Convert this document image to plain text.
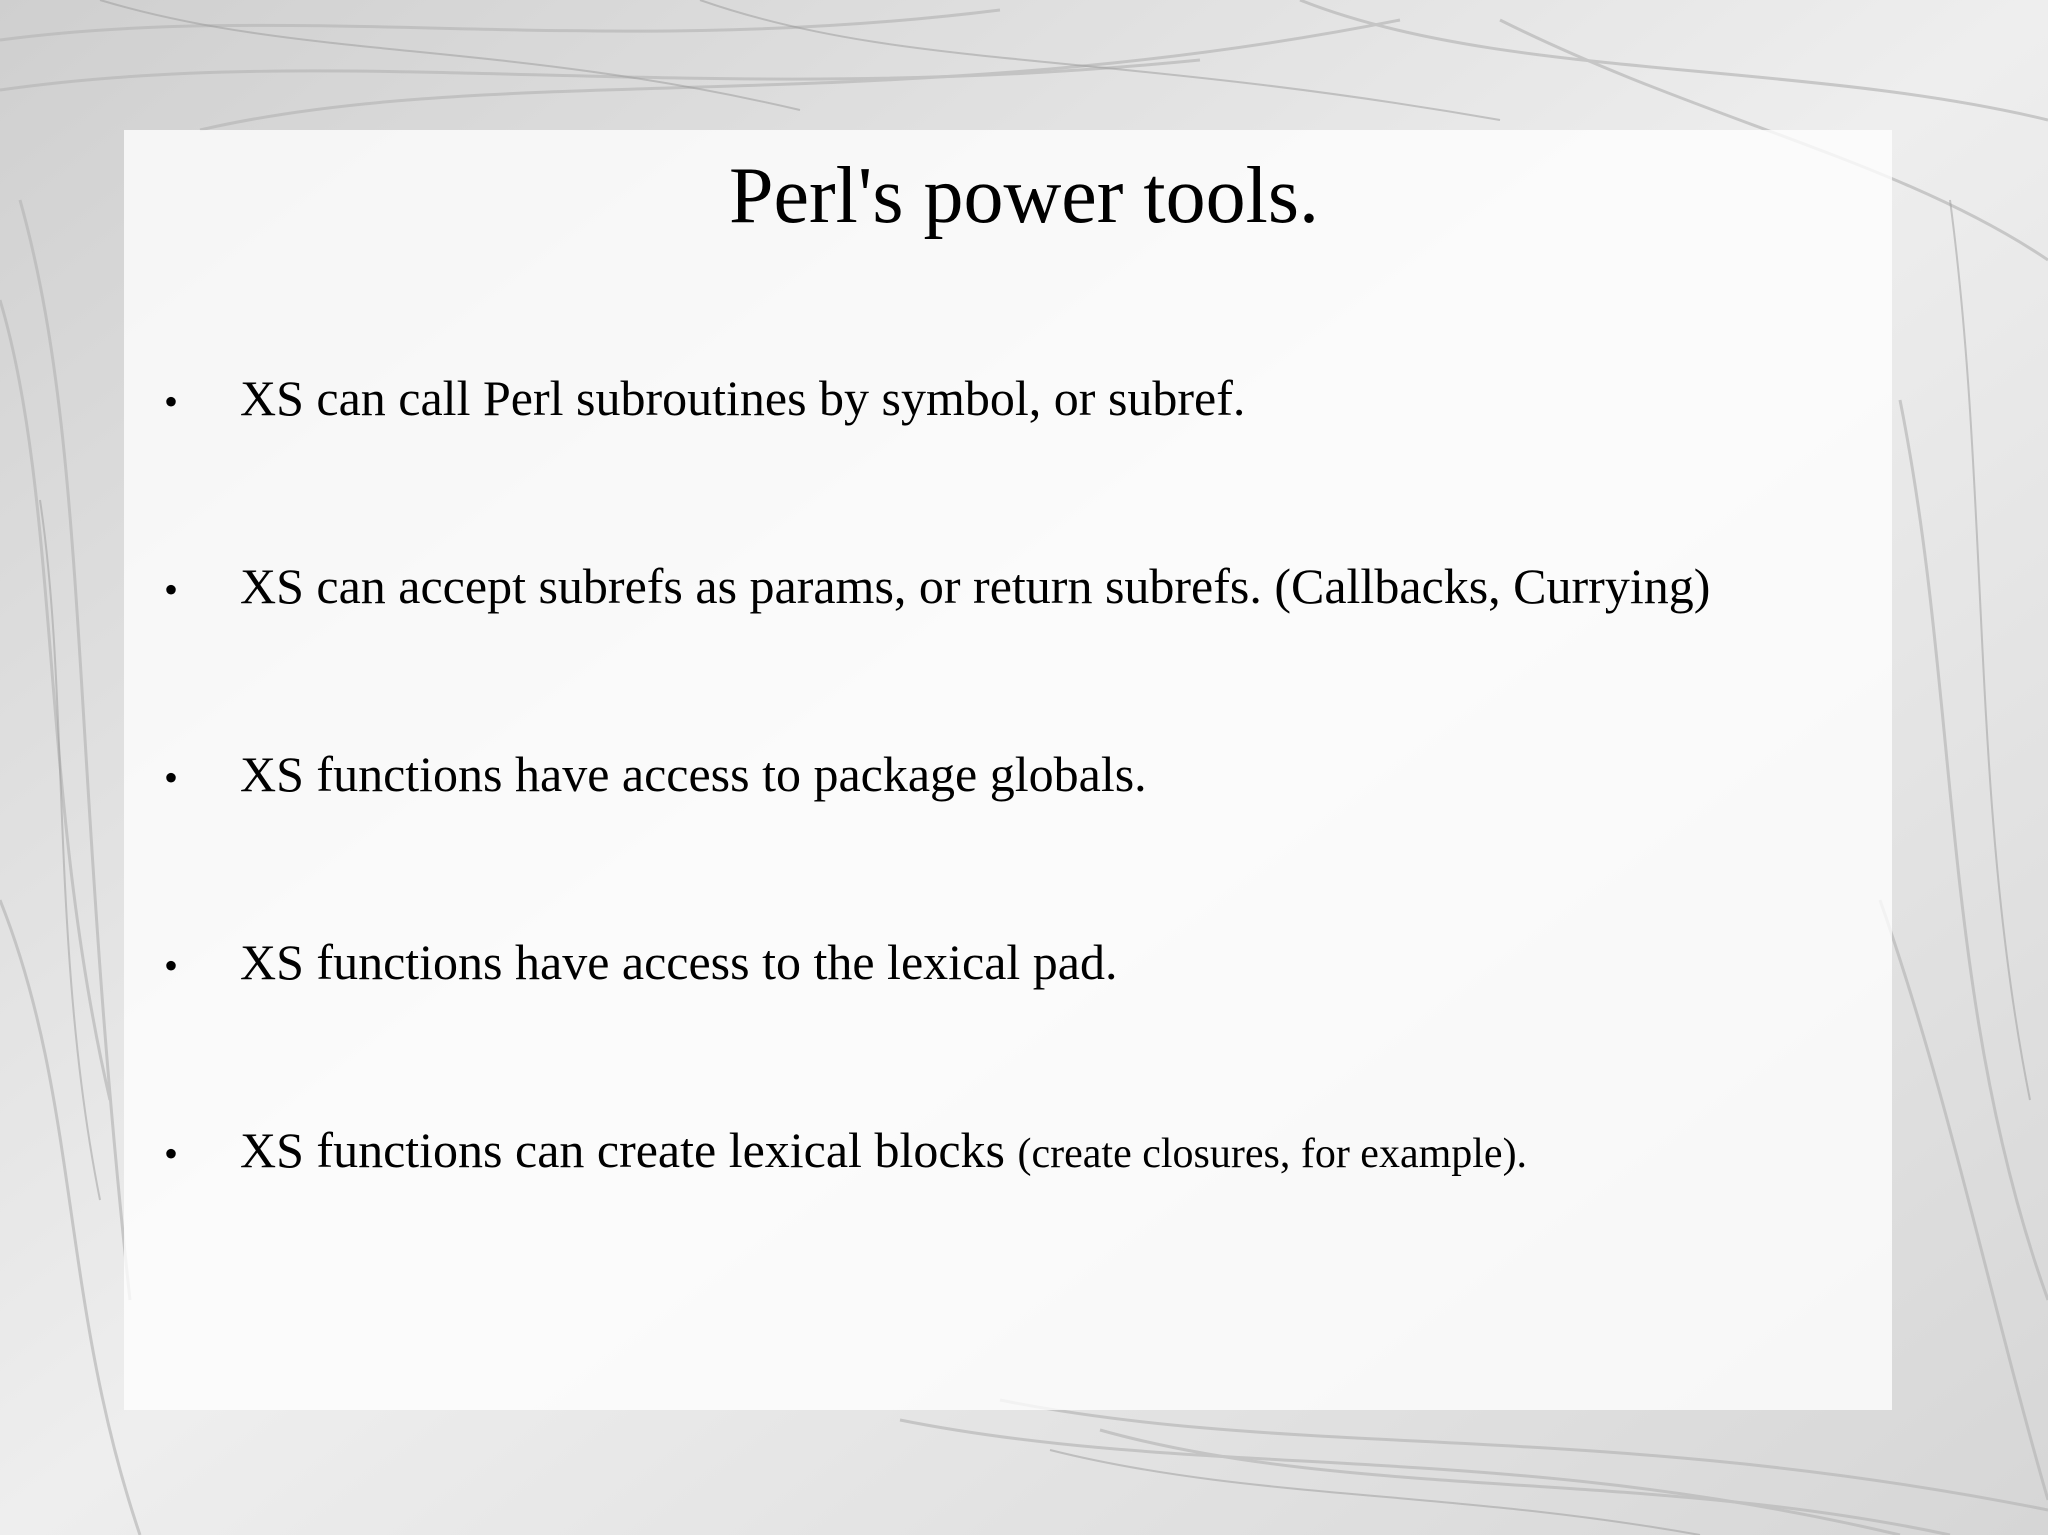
Perl's power tools.
•	XS can call Perl subroutines by symbol, or subref.
•	XS can accept subrefs as params, or return subrefs. (Callbacks, Currying)
•	XS functions have access to package globals.
•	XS functions have access to the lexical pad.
•	XS functions can create lexical blocks (create closures, for example).
